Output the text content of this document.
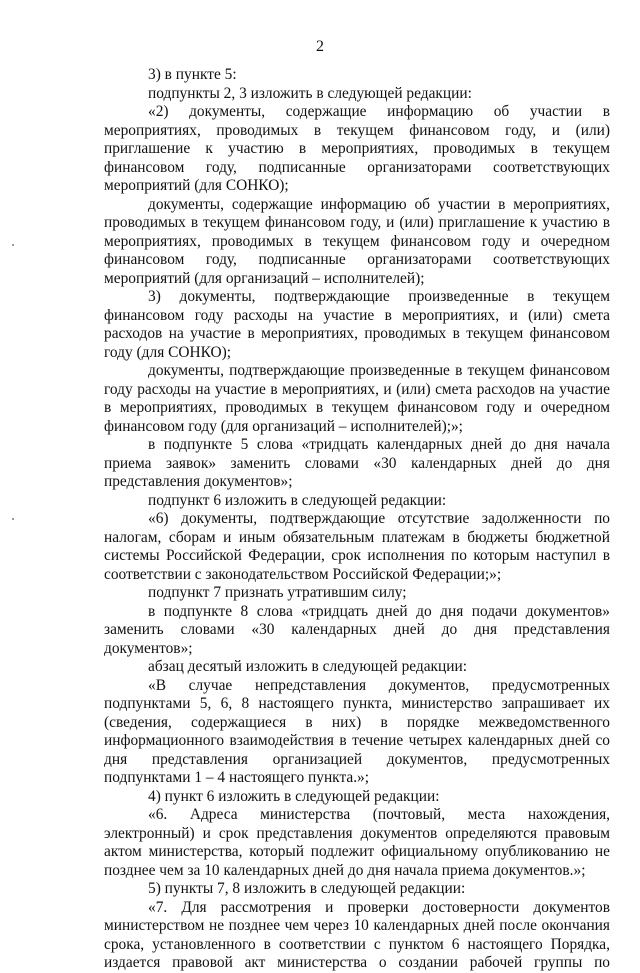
2

3) в пункте 5:

подпункты 2, 3 изложить в следующей редакции:

«2) документы, содержащие информацию об участии в мероприятиях, проводимых в текущем финансовом году, и (или) приглашение к участию в мероприятиях, проводимых в текущем финансовом году, подписанные организаторами соответствующих мероприятий (для СОНКО);

документы, содержащие информацию об участии в мероприятиях, проводимых в текущем финансовом году, и (или) приглашение к участию в мероприятиях, проводимых в текущем финансовом году и очередном финансовом году, подписанные организаторами соответствующих мероприятий (для организаций – исполнителей);

3) документы, подтверждающие произведенные в текущем финансовом году расходы на участие в мероприятиях, и (или) смета расходов на участие в мероприятиях, проводимых в текущем финансовом году (для СОНКО);

документы, подтверждающие произведенные в текущем финансовом году расходы на участие в мероприятиях, и (или) смета расходов на участие в мероприятиях, проводимых в текущем финансовом году и очередном финансовом году (для организаций – исполнителей);»;

в подпункте 5 слова «тридцать календарных дней до дня начала приема заявок» заменить словами «30 календарных дней до дня представления документов»;

подпункт 6 изложить в следующей редакции:

«6) документы, подтверждающие отсутствие задолженности по налогам, сборам и иным обязательным платежам в бюджеты бюджетной системы Российской Федерации, срок исполнения по которым наступил в соответствии с законодательством Российской Федерации;»;

подпункт 7 признать утратившим силу;

в подпункте 8 слова «тридцать дней до дня подачи документов» заменить словами «30 календарных дней до дня представления документов»;

абзац десятый изложить в следующей редакции:

«В случае непредставления документов, предусмотренных подпунктами 5, 6, 8 настоящего пункта, министерство запрашивает их (сведения, содержащиеся в них) в порядке межведомственного информационного взаимодействия в течение четырех календарных дней со дня представления организацией документов, предусмотренных подпунктами 1 – 4 настоящего пункта.»;

4) пункт 6 изложить в следующей редакции:

«6. Адреса министерства (почтовый, места нахождения, электронный) и срок представления документов определяются правовым актом министерства, который подлежит официальному опубликованию не позднее чем за 10 календарных дней до дня начала приема документов.»;

5) пункты 7, 8 изложить в следующей редакции:

«7. Для рассмотрения и проверки достоверности документов министерством не позднее чем через 10 календарных дней после окончания срока, установленного в соответствии с пунктом 6 настоящего Порядка, издается правовой акт министерства о создании рабочей группы по
